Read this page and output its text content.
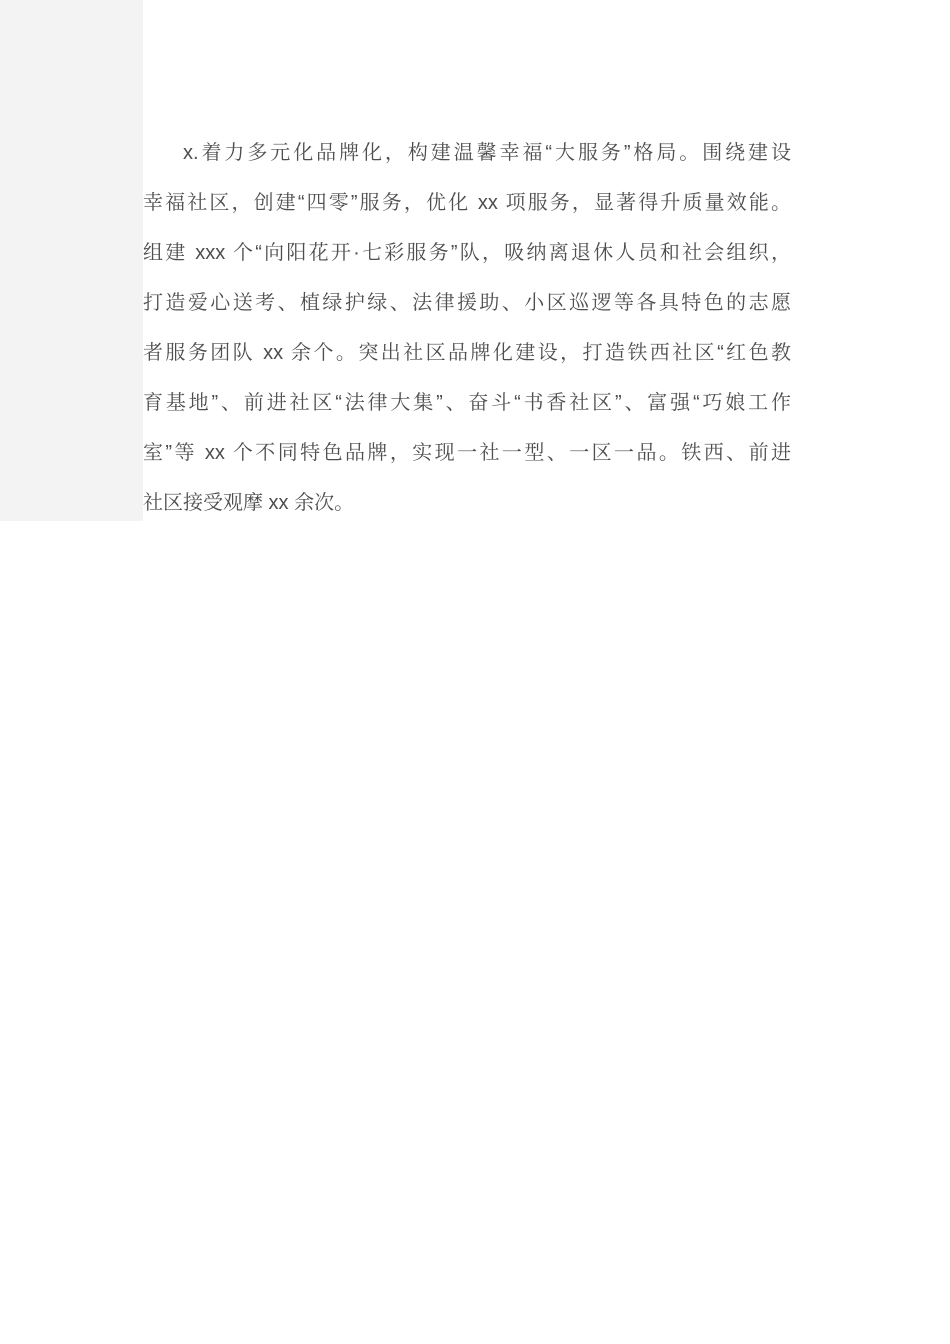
x.着力多元化品牌化，构建温馨幸福“大服务”格局。围绕建设
幸福社区，创建“四零”服务，优化 xx 项服务，显著得升质量效能。
组建 xxx 个“向阳花开·七彩服务”队，吸纳离退休人员和社会组织，
打造爱心送考、植绿护绿、法律援助、小区巡逻等各具特色的志愿
者服务团队 xx 余个。突出社区品牌化建设，打造铁西社区“红色教
育基地”、前进社区“法律大集”、奋斗“书香社区”、富强“巧娘工作
室”等 xx 个不同特色品牌，实现一社一型、一区一品。铁西、前进
社区接受观摩 xx 余次。
